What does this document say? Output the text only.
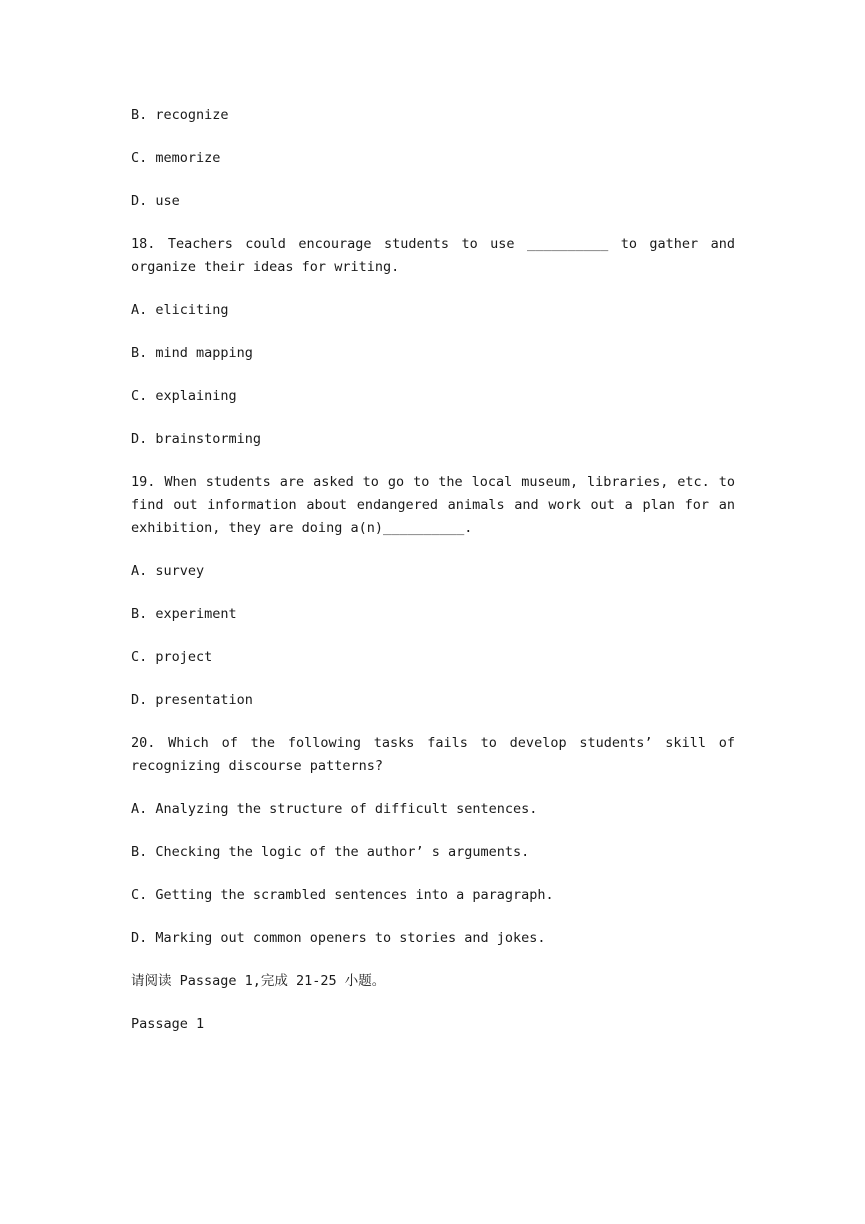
B. recognize

C. memorize

D. use

18. Teachers could encourage students to use __________ to gather and organize their ideas for writing.

A. eliciting

B. mind mapping

C. explaining

D. brainstorming

19. When students are asked to go to the local museum, libraries, etc. to find out information about endangered animals and work out a plan for an exhibition, they are doing a(n)__________.

A. survey

B. experiment

C. project

D. presentation

20. Which of the following tasks fails to develop students’ skill of recognizing discourse patterns?

A. Analyzing the structure of difficult sentences.

B. Checking the logic of the author’ s arguments.

C. Getting the scrambled sentences into a paragraph.

D. Marking out common openers to stories and jokes.

请阅读 Passage 1,完成 21-25 小题。

Passage 1
